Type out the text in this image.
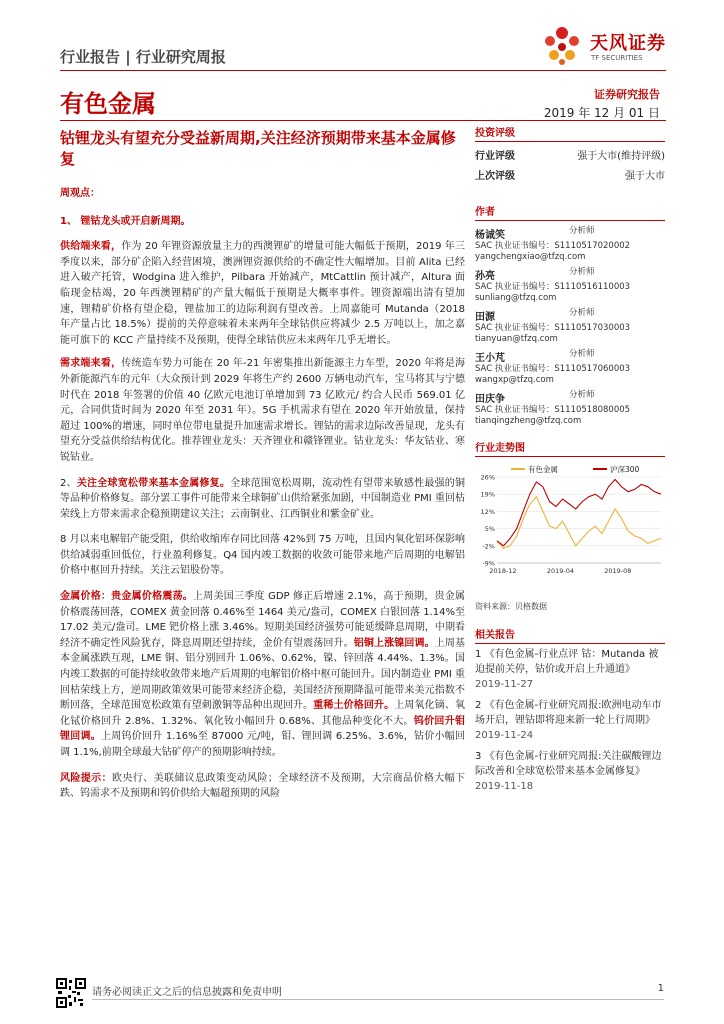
行业报告 | 行业研究周报
天风证券
TF SECURITIES
有色金属	证券研究报告
2019 年 12 月 01 日
钴锂龙头有望充分受益新周期,关注经济预期带来基本金属修复
周观点：
1、 锂钴龙头或开启新周期。
供给端来看，作为 20 年锂资源放量主力的西澳锂矿的增量可能大幅低于预期，2019 年三季度以来，部分矿企陷入经营困境，澳洲锂资源供给的不确定性大幅增加。目前 Alita 已经进入破产托管，Wodgina 进入维护，Pilbara 开始减产，MtCattlin 预计减产，Altura 面临现金枯竭，20 年西澳锂精矿的产量大幅低于预期是大概率事件。锂资源端出清有望加速，锂精矿价格有望企稳，锂盐加工的边际利润有望改善。上周嘉能可 Mutanda（2018 年产量占比 18.5%）提前的关停意味着未来两年全球钴供应将减少 2.5 万吨以上，加之嘉能可旗下的 KCC 产量持续不及预期，使得全球钴供应未来两年几乎无增长。
需求端来看，传统造车势力可能在 20 年-21 年密集推出新能源主力车型，2020 年将是海外新能源汽车的元年（大众预计到 2029 年将生产约 2600 万辆电动汽车，宝马将其与宁德时代在 2018 年签署的价值 40 亿欧元电池订单增加到 73 亿欧元/ 约合人民币 569.01 亿元，合同供货时间为 2020 年至 2031 年）。5G 手机需求有望在 2020 年开始放量，保持超过 100%的增速，同时单位带电量提升加速需求增长。锂钴的需求边际改善显现，龙头有望充分受益供给结构优化。推荐锂业龙头：天齐锂业和赣锋锂业。钴业龙头：华友钴业、寒锐钴业。
2、关注全球宽松带来基本金属修复。全球范围宽松周期，流动性有望带来敏感性最强的铜等品种价格修复。部分罢工事件可能带来全球铜矿山供给紧张加剧，中国制造业 PMI 重回枯荣线上方带来需求企稳预期建议关注；云南铜业、江西铜业和紫金矿业。
8 月以来电解铝产能受阻，供给收缩库存同比回落 42%到 75 万吨，且国内氧化铝环保影响供给减弱重回低位，行业盈利修复。Q4 国内竣工数据的收敛可能带来地产后周期的电解铝价格中枢回升持续。关注云铝股份等。
金属价格：贵金属价格震荡。上周美国三季度 GDP 修正后增速 2.1%，高于预期，贵金属价格震荡回落，COMEX 黄金回落 0.46%至 1464 美元/盎司，COMEX 白银回落 1.14%至 17.02 美元/盎司。LME 钯价格上涨 3.46%。短期美国经济强势可能延缓降息周期，中期看经济不确定性风险犹存，降息周期还望持续，金价有望震荡回升。铝铜上涨镍回调。上周基本金属涨跌互现，LME 铜、铝分别回升 1.06%、0.62%，镍、锌回落 4.44%、1.3%。国内竣工数据的可能持续收敛带来地产后周期的电解铝价格中枢可能回升。国内制造业 PMI 重回枯荣线上方，逆周期政策效果可能带来经济企稳，美国经济预期降温可能带来美元指数不断回落，全球范围宽松政策有望刺激铜等品种出现回升。重稀土价格回升。上周氧化镝、氧化铽价格回升 2.8%、1.32%、氧化钕小幅回升 0.68%、其他品种变化不大。钨价回升钼锂回调。上周钨价回升 1.16%至 87000 元/吨，钼、锂回调 6.25%、3.6%，钴价小幅回调 1.1%,前期全球最大钴矿停产的预期影响持续。
风险提示：欧央行、美联储议息政策变动风险；全球经济不及预期，大宗商品价格大幅下跌、钨需求不及预期和钨价供给大幅超预期的风险
投资评级
行业评级	强于大市(维持评级)
上次评级	强于大市
作者
杨诚笑	分析师
SAC 执业证书编号：S1110517020002
yangchengxiao@tfzq.com
孙亮	分析师
SAC 执业证书编号：S1110516110003
sunliang@tfzq.com
田源	分析师
SAC 执业证书编号：S1110517030003
tianyuan@tfzq.com
王小芃	分析师
SAC 执业证书编号：S1110517060003
wangxp@tfzq.com
田庆争	分析师
SAC 执业证书编号：S1110518080005
tianqingzheng@tfzq.com
行业走势图
26%
19%
12%
5%
-2%
-9%
2018-12	2019-04	2019-08
有色金属	沪深300
资料来源：贝格数据
相关报告
1 《有色金属-行业点评 钴：Mutanda 被迫提前关停，钴价或开启上升通道》 2019-11-27
2 《有色金属-行业研究周报:欧洲电动车市场开启，锂钴即将迎来新一轮上行周期》 2019-11-24
3 《有色金属-行业研究周报:关注碳酸锂边际改善和全球宽松带来基本金属修复》 2019-11-18
请务必阅读正文之后的信息披露和免责申明	1
